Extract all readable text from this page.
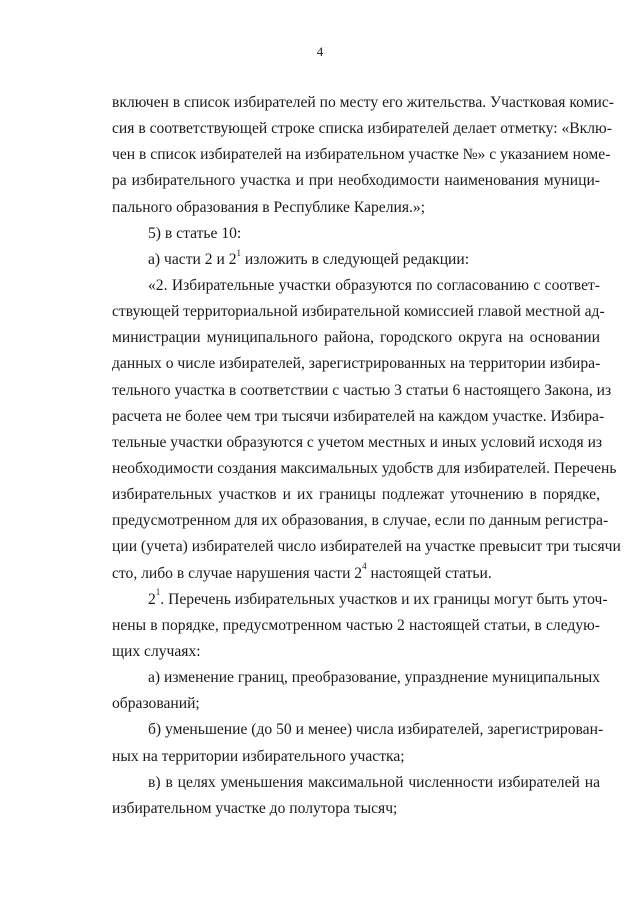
4
включен в список избирателей по месту его жительства. Участковая комис-
сия в соответствующей строке списка избирателей делает отметку: «Вклю-
чен в список избирателей на избирательном участке №» с указанием номе-
ра избирательного участка и при необходимости наименования муници-
пального образования в Республике Карелия.»;
5) в статье 10:
а) части 2 и $2^1$ изложить в следующей редакции:
«2. Избирательные участки образуются по согласованию с соответ-
ствующей территориальной избирательной комиссией главой местной ад-
министрации муниципального района, городского округа на основании
данных о числе избирателей, зарегистрированных на территории избира-
тельного участка в соответствии с частью 3 статьи 6 настоящего Закона, из
расчета не более чем три тысячи избирателей на каждом участке. Избира-
тельные участки образуются с учетом местных и иных условий исходя из
необходимости создания максимальных удобств для избирателей. Перечень
избирательных участков и их границы подлежат уточнению в порядке,
предусмотренном для их образования, в случае, если по данным регистра-
ции (учета) избирателей число избирателей на участке превысит три тысячи
сто, либо в случае нарушения части $2^4$ настоящей статьи.
$2^1$. Перечень избирательных участков и их границы могут быть уточ-
нены в порядке, предусмотренном частью 2 настоящей статьи, в следую-
щих случаях:
а) изменение границ, преобразование, упразднение муниципальных
образований;
б) уменьшение (до 50 и менее) числа избирателей, зарегистрирован-
ных на территории избирательного участка;
в) в целях уменьшения максимальной численности избирателей на
избирательном участке до полутора тысяч;
